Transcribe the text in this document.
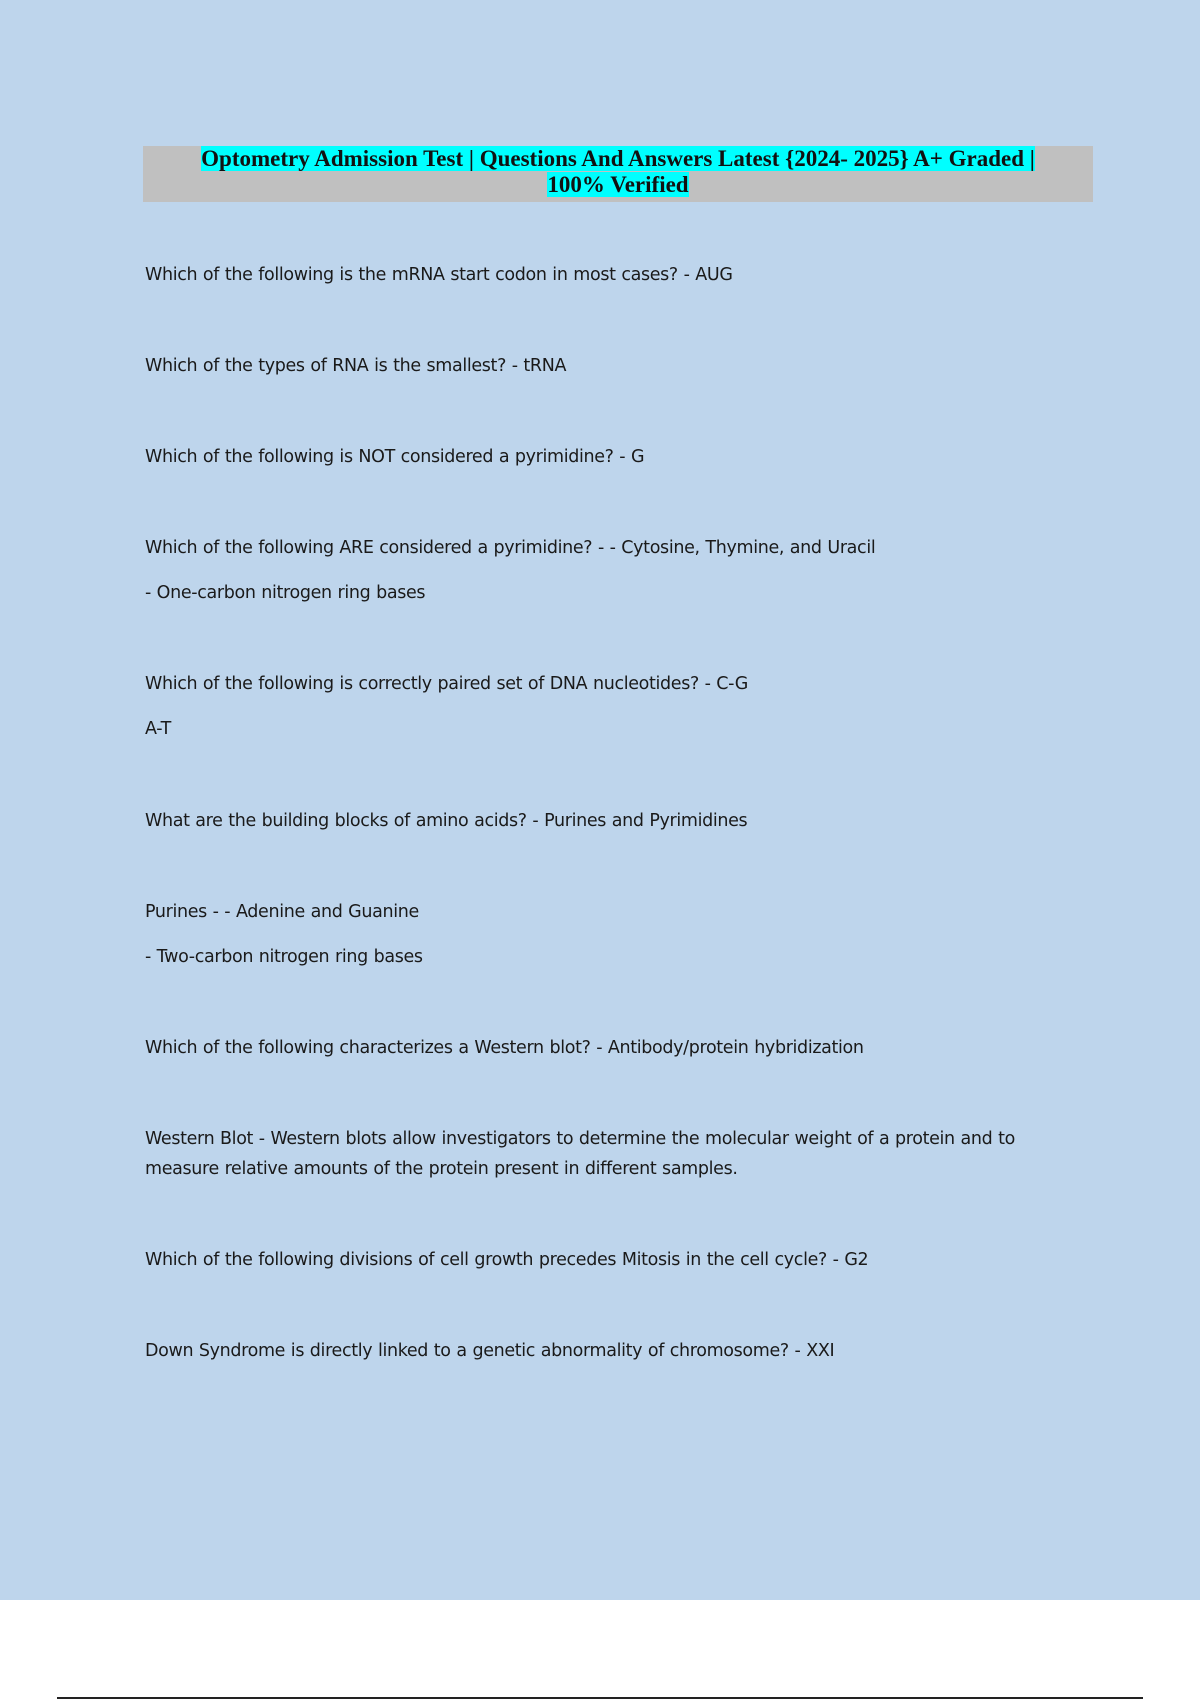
Optometry Admission Test | Questions And Answers Latest {2024- 2025} A+ Graded |
100% Verified

Which of the following is the mRNA start codon in most cases? - AUG

Which of the types of RNA is the smallest? - tRNA

Which of the following is NOT considered a pyrimidine? - G

Which of the following ARE considered a pyrimidine? - - Cytosine, Thymine, and Uracil
- One-carbon nitrogen ring bases

Which of the following is correctly paired set of DNA nucleotides? - C-G
A-T

What are the building blocks of amino acids? - Purines and Pyrimidines

Purines - - Adenine and Guanine
- Two-carbon nitrogen ring bases

Which of the following characterizes a Western blot? - Antibody/protein hybridization

Western Blot - Western blots allow investigators to determine the molecular weight of a protein and to measure relative amounts of the protein present in different samples.

Which of the following divisions of cell growth precedes Mitosis in the cell cycle? - G2

Down Syndrome is directly linked to a genetic abnormality of chromosome? - XXI
